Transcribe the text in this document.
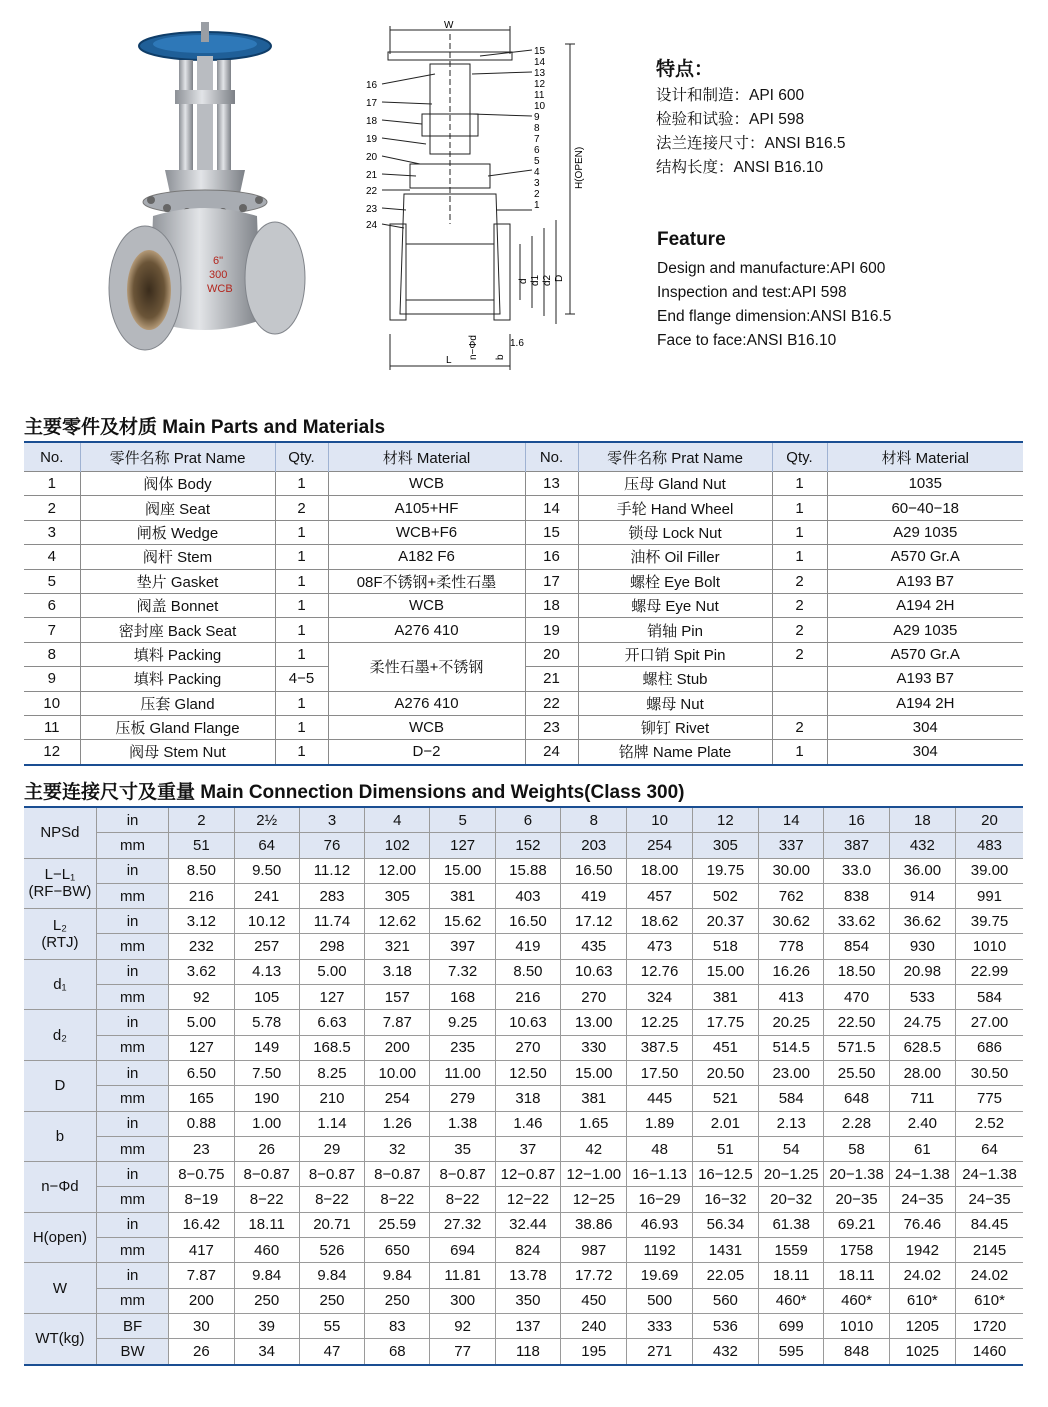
6"
300
WCB
W
H(OPEN)
L
n−Φd b
1.6
d d1 d2 D
16
17
18
19
20
21
22
23
24
15
14
13
12
11
10
9
8
7
6
5
4
3
2
1
特点：
设计和制造：API 600
检验和试验：API 598
法兰连接尺寸：ANSI B16.5
结构长度：ANSI B16.10
Feature
Design and manufacture:API 600
Inspection and test:API 598
End flange dimension:ANSI B16.5
Face to face:ANSI B16.10
主要零件及材质 Main Parts and Materials
No.	零件名称 Prat Name	Qty.	材料 Material	No.	零件名称 Prat Name	Qty.	材料 Material
1	阀体 Body	1	WCB	13	压母 Gland Nut	1	1035
2	阀座 Seat	2	A105+HF	14	手轮 Hand Wheel	1	60−40−18
3	闸板 Wedge	1	WCB+F6	15	锁母 Lock Nut	1	A29 1035
4	阀杆 Stem	1	A182 F6	16	油杯 Oil Filler	1	A570 Gr.A
5	垫片 Gasket	1	08F不锈钢+柔性石墨	17	螺栓 Eye Bolt	2	A193 B7
6	阀盖 Bonnet	1	WCB	18	螺母 Eye Nut	2	A194 2H
7	密封座 Back Seat	1	A276 410	19	销轴 Pin	2	A29 1035
8	填料 Packing	1	柔性石墨+不锈钢	20	开口销 Spit Pin	2	A570 Gr.A
9	填料 Packing	4−5		21	螺柱 Stub		A193 B7
10	压套 Gland	1	A276 410	22	螺母 Nut		A194 2H
11	压板 Gland Flange	1	WCB	23	铆钉 Rivet	2	304
12	阀母 Stem Nut	1	D−2	24	铭牌 Name Plate	1	304
主要连接尺寸及重量 Main Connection Dimensions and Weights(Class 300)
NPSd	in	2	2½	3	4	5	6	8	10	12	14	16	18	20
	mm	51	64	76	102	127	152	203	254	305	337	387	432	483
L−L₁
(RF−BW)	in	8.50	9.50	11.12	12.00	15.00	15.88	16.50	18.00	19.75	30.00	33.0	36.00	39.00
	mm	216	241	283	305	381	403	419	457	502	762	838	914	991
L₂
(RTJ)	in	3.12	10.12	11.74	12.62	15.62	16.50	17.12	18.62	20.37	30.62	33.62	36.62	39.75
	mm	232	257	298	321	397	419	435	473	518	778	854	930	1010
d₁	in	3.62	4.13	5.00	3.18	7.32	8.50	10.63	12.76	15.00	16.26	18.50	20.98	22.99
	mm	92	105	127	157	168	216	270	324	381	413	470	533	584
d₂	in	5.00	5.78	6.63	7.87	9.25	10.63	13.00	12.25	17.75	20.25	22.50	24.75	27.00
	mm	127	149	168.5	200	235	270	330	387.5	451	514.5	571.5	628.5	686
D	in	6.50	7.50	8.25	10.00	11.00	12.50	15.00	17.50	20.50	23.00	25.50	28.00	30.50
	mm	165	190	210	254	279	318	381	445	521	584	648	711	775
b	in	0.88	1.00	1.14	1.26	1.38	1.46	1.65	1.89	2.01	2.13	2.28	2.40	2.52
	mm	23	26	29	32	35	37	42	48	51	54	58	61	64
n−Φd	in	8−0.75	8−0.87	8−0.87	8−0.87	8−0.87	12−0.87	12−1.00	16−1.13	16−12.5	20−1.25	20−1.38	24−1.38	24−1.38
	mm	8−19	8−22	8−22	8−22	8−22	12−22	12−25	16−29	16−32	20−32	20−35	24−35	24−35
H(open)	in	16.42	18.11	20.71	25.59	27.32	32.44	38.86	46.93	56.34	61.38	69.21	76.46	84.45
	mm	417	460	526	650	694	824	987	1192	1431	1559	1758	1942	2145
W	in	7.87	9.84	9.84	9.84	11.81	13.78	17.72	19.69	22.05	18.11	18.11	24.02	24.02
	mm	200	250	250	250	300	350	450	500	560	460*	460*	610*	610*
WT(kg)	BF	30	39	55	83	92	137	240	333	536	699	1010	1205	1720
	BW	26	34	47	68	77	118	195	271	432	595	848	1025	1460
